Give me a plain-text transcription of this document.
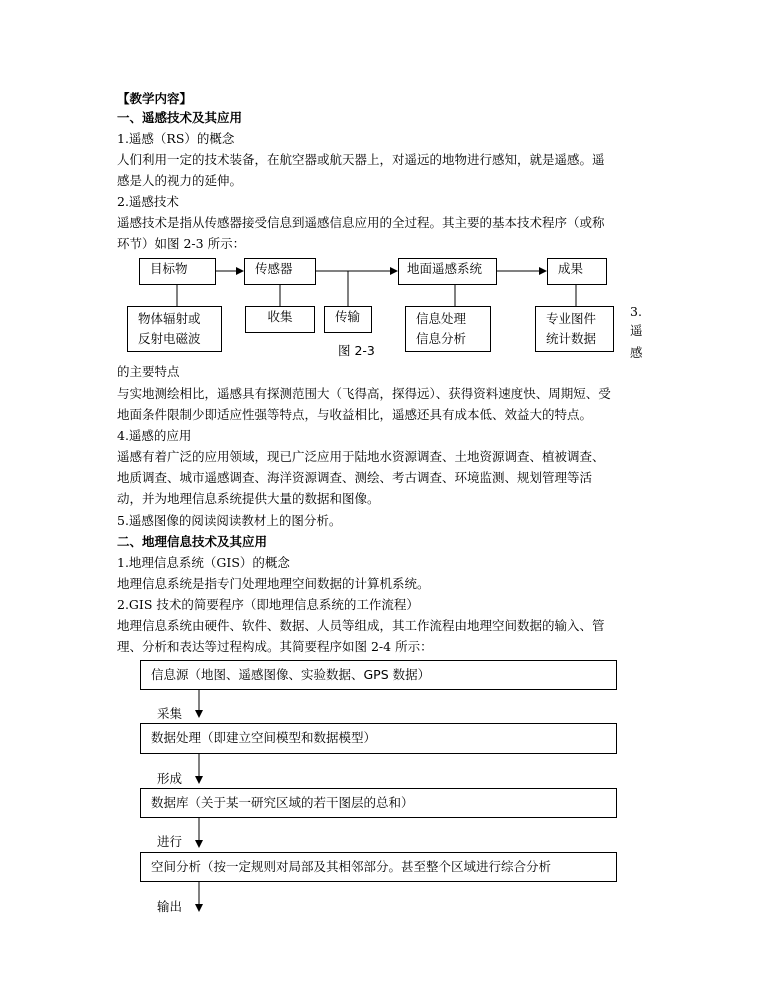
【教学内容】
一、遥感技术及其应用
1.遥感（RS）的概念
人们利用一定的技术装备，在航空器或航天器上，对遥远的地物进行感知，就是遥感。遥
感是人的视力的延伸。
2.遥感技术
遥感技术是指从传感器接受信息到遥感信息应用的全过程。其主要的基本技术程序（或称
环节）如图 2-3 所示：
目标物	传感器	地面遥感系统	成果
物体辐射或
反射电磁波
收集	传输	信息处理
信息分析
专业图件
统计数据
图 2-3
3.
遥
感
的主要特点
与实地测绘相比，遥感具有探测范围大（飞得高，探得远）、获得资料速度快、周期短、受
地面条件限制少即适应性强等特点，与收益相比，遥感还具有成本低、效益大的特点。
4.遥感的应用
遥感有着广泛的应用领域，现已广泛应用于陆地水资源调查、土地资源调查、植被调查、
地质调查、城市遥感调查、海洋资源调查、测绘、考古调查、环境监测、规划管理等活
动，并为地理信息系统提供大量的数据和图像。
5.遥感图像的阅读阅读教材上的图分析。
二、地理信息技术及其应用
1.地理信息系统（GIS）的概念
地理信息系统是指专门处理地理空间数据的计算机系统。
2.GIS 技术的简要程序（即地理信息系统的工作流程）
地理信息系统由硬件、软件、数据、人员等组成，其工作流程由地理空间数据的输入、管
理、分析和表达等过程构成。其简要程序如图 2-4 所示：
信息源（地图、遥感图像、实验数据、GPS 数据）
数据处理（即建立空间模型和数据模型）
数据库（关于某一研究区域的若干图层的总和）
空间分析（按一定规则对局部及其相邻部分。甚至整个区域进行综合分析
采集
形成
进行
输出
